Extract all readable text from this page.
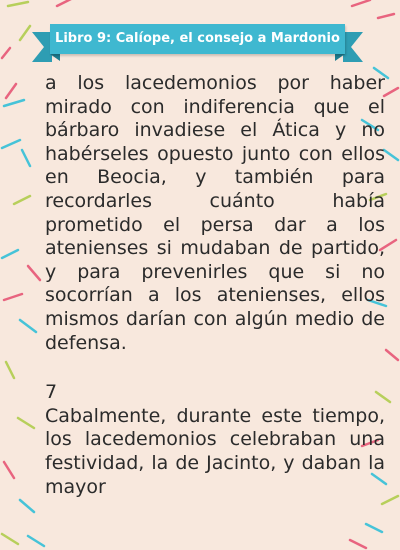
Libro 9: Calíope, el consejo a Mardonio

a los lacedemonios por haber mirado con indiferencia que el bárbaro invadiese el Ática y no habérseles opuesto junto con ellos en Beocia, y también para recordarles cuánto había prometido el persa dar a los atenienses si mudaban de partido, y para prevenirles que si no socorrían a los atenienses, ellos mismos darían con algún medio de defensa.

7

Cabalmente, durante este tiempo, los lacedemonios celebraban una festividad, la de Jacinto, y daban la mayor
